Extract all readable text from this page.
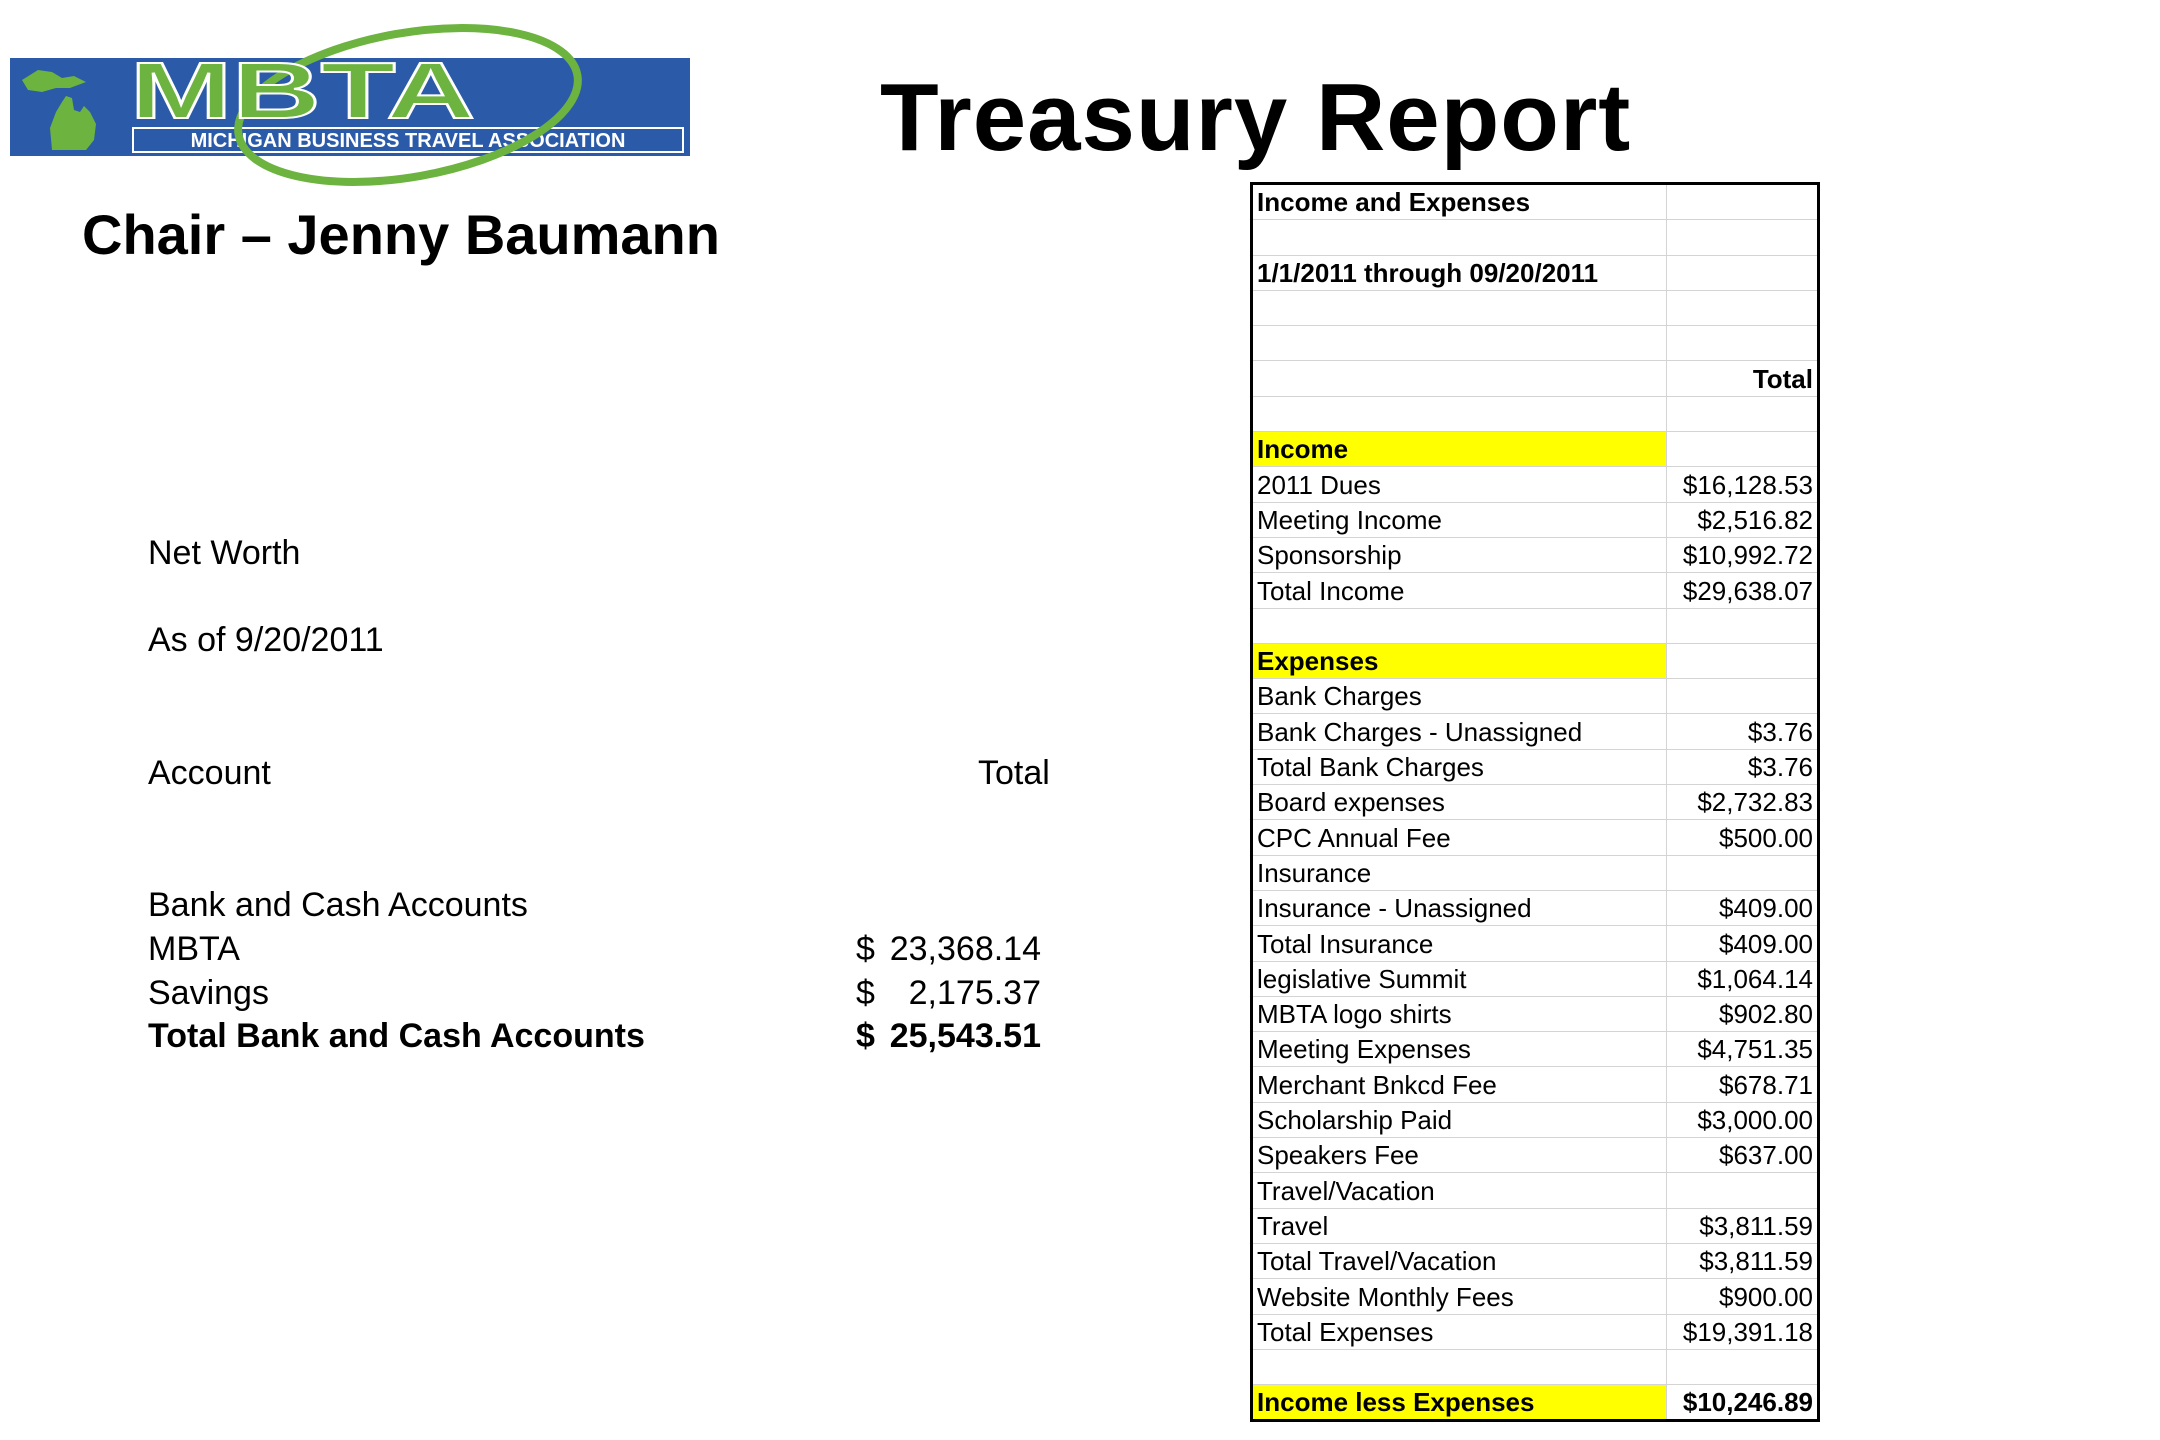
MICHIGAN BUSINESS TRAVEL ASSOCIATION
MBTA	Treasury Report
Chair – Jenny Baumann
Net Worth
As of 9/20/2011
Account	Total
Bank and Cash Accounts
MBTA	$ 23,368.14
Savings	$ 2,175.37
Total Bank and Cash Accounts	$ 25,543.51
Income and Expenses	

1/1/2011 through 09/20/2011	

	Total

Income	
2011 Dues	$16,128.53
Meeting Income	$2,516.82
Sponsorship	$10,992.72
Total Income	$29,638.07

Expenses	
Bank Charges	
Bank Charges - Unassigned	$3.76
Total Bank Charges	$3.76
Board expenses	$2,732.83
CPC Annual Fee	$500.00
Insurance	
Insurance - Unassigned	$409.00
Total Insurance	$409.00
legislative Summit	$1,064.14
MBTA logo shirts	$902.80
Meeting Expenses	$4,751.35
Merchant Bnkcd Fee	$678.71
Scholarship Paid	$3,000.00
Speakers Fee	$637.00
Travel/Vacation	
Travel	$3,811.59
Total Travel/Vacation	$3,811.59
Website Monthly Fees	$900.00
Total Expenses	$19,391.18

Income less Expenses	$10,246.89
